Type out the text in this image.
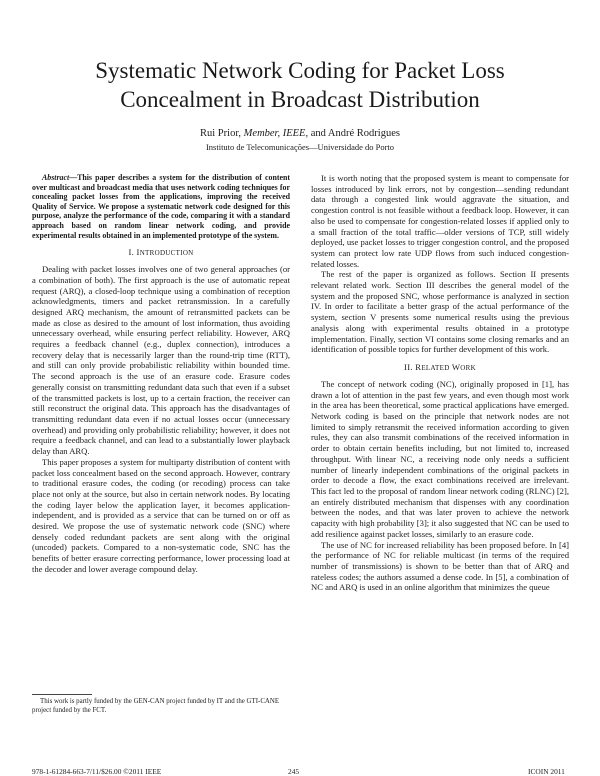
Systematic Network Coding for Packet Loss
Concealment in Broadcast Distribution
Rui Prior, Member, IEEE, and André Rodrigues
Instituto de Telecomunicações—Universidade do Porto

Abstract—This paper describes a system for the distribution of content over multicast and broadcast media that uses network coding techniques for concealing packet losses from the applications, improving the received Quality of Service. We propose a systematic network code designed for this purpose, analyze the performance of the code, comparing it with a standard approach based on random linear network coding, and provide experimental results obtained in an implemented prototype of the system.

I. INTRODUCTION

Dealing with packet losses involves one of two general approaches (or a combination of both). The first approach is the use of automatic repeat request (ARQ), a closed-loop technique using a combination of reception acknowledgments, timers and packet retransmission. In a carefully designed ARQ mechanism, the amount of retransmitted packets can be made as close as desired to the amount of lost information, thus avoiding unnecessary overhead, while ensuring perfect reliability. However, ARQ requires a feedback channel (e.g., duplex connection), introduces a recovery delay that is necessarily larger than the round-trip time (RTT), and still can only provide probabilistic reliability within bounded time. The second approach is the use of an erasure code. Erasure codes generally consist on transmitting redundant data such that even if a subset of the transmitted packets is lost, up to a certain fraction, the receiver can still reconstruct the original data. This approach has the disadvantages of transmitting redundant data even if no actual losses occur (unnecessary overhead) and providing only probabilistic reliability; however, it does not require a feedback channel, and can lead to a substantially lower playback delay than ARQ.

This paper proposes a system for multiparty distribution of content with packet loss concealment based on the second approach. However, contrary to traditional erasure codes, the coding (or recoding) process can take place not only at the source, but also in certain network nodes. By locating the coding layer below the application layer, it becomes application-independent, and is provided as a service that can be turned on or off as desired. We propose the use of systematic network code (SNC) where densely coded redundant packets are sent along with the original (uncoded) packets. Compared to a non-systematic code, SNC has the benefits of better erasure correcting performance, lower processing load at the decoder and lower average compound delay.

This work is partly funded by the GEN-CAN project funded by IT and the GTI-CANE project funded by the FCT.

It is worth noting that the proposed system is meant to compensate for losses introduced by link errors, not by congestion—sending redundant data through a congested link would aggravate the situation, and congestion control is not feasible without a feedback loop. However, it can also be used to compensate for congestion-related losses if applied only to a small fraction of the total traffic—older versions of TCP, still widely deployed, use packet losses to trigger congestion control, and the proposed system can protect low rate UDP flows from such induced congestion-related losses.

The rest of the paper is organized as follows. Section II presents relevant related work. Section III describes the general model of the system and the proposed SNC, whose performance is analyzed in section IV. In order to facilitate a better grasp of the actual performance of the system, section V presents some numerical results using the previous analysis along with experimental results obtained in a prototype implementation. Finally, section VI contains some closing remarks and an identification of possible topics for further development of this work.

II. RELATED WORK

The concept of network coding (NC), originally proposed in [1], has drawn a lot of attention in the past few years, and even though most work in the area has been theoretical, some practical applications have emerged. Network coding is based on the principle that network nodes are not limited to simply retransmit the received information according to given rules, they can also transmit combinations of the received information in order to obtain certain benefits including, but not limited to, increased throughput. With linear NC, a receiving node only needs a sufficient number of linearly independent combinations of the original packets in order to decode a flow, the exact combinations received are irrelevant. This fact led to the proposal of random linear network coding (RLNC) [2], an entirely distributed mechanism that dispenses with any coordination between the nodes, and that was later proven to achieve the network capacity with high probability [3]; it also suggested that NC can be used to add resilience against packet losses, similarly to an erasure code.

The use of NC for increased reliability has been proposed before. In [4] the performance of NC for reliable multicast (in terms of the required number of transmissions) is shown to be better than that of ARQ and rateless codes; the authors assumed a dense code. In [5], a combination of NC and ARQ is used in an online algorithm that minimizes the queue

978-1-61284-663-7/11/$26.00 ©2011 IEEE	245	ICOIN 2011
